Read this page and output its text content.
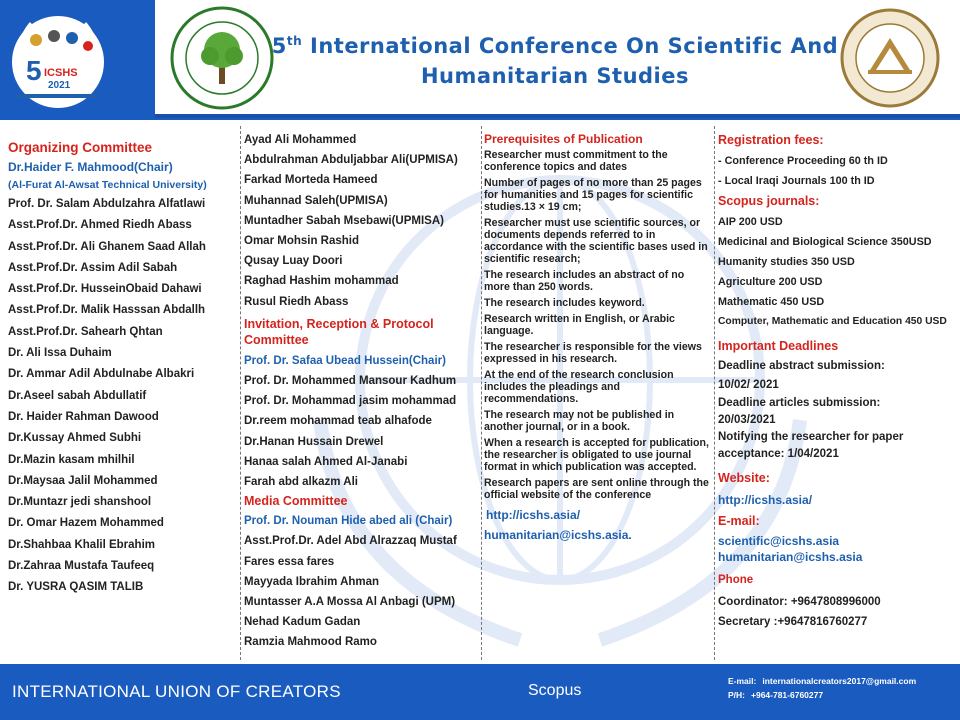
5 ICSHS
2021
5th International Conference On Scientific And
Humanitarian Studies
Organizing Committee
Dr.Haider F. Mahmood(Chair)
(Al-Furat Al-Awsat Technical University)
Prof. Dr. Salam Abdulzahra Alfatlawi
Asst.Prof.Dr. Ahmed Riedh Abass
Asst.Prof.Dr. Ali Ghanem Saad Allah
Asst.Prof.Dr. Assim Adil Sabah
Asst.Prof.Dr. HusseinObaid Dahawi
Asst.Prof.Dr. Malik Hasssan Abdallh
Asst.Prof.Dr. Sahearh Qhtan
Dr. Ali Issa Duhaim
Dr. Ammar Adil Abdulnabe Albakri
Dr.Aseel sabah Abdullatif
Dr. Haider Rahman Dawood
Dr.Kussay Ahmed Subhi
Dr.Mazin kasam mhilhil
Dr.Maysaa Jalil Mohammed
Dr.Muntazr jedi shanshool
Dr. Omar Hazem Mohammed
Dr.Shahbaa Khalil Ebrahim
Dr.Zahraa Mustafa Taufeeq
Dr. YUSRA QASIM TALIB
Ayad Ali Mohammed
Abdulrahman Abduljabbar Ali(UPMISA)
Farkad Morteda Hameed
Muhannad Saleh(UPMISA)
Muntadher Sabah Msebawi(UPMISA)
Omar Mohsin Rashid
Qusay Luay Doori
Raghad Hashim mohammad
Rusul Riedh Abass
Invitation, Reception & Protocol Committee
Prof. Dr. Safaa Ubead Hussein(Chair)
Prof. Dr. Mohammed Mansour Kadhum
Prof. Dr. Mohammad jasim mohammad
Dr.reem mohammad teab alhafode
Dr.Hanan Hussain Drewel
Hanaa salah Ahmed Al-Janabi
Farah abd alkazm Ali
Media Committee
Prof. Dr. Nouman Hide abed ali (Chair)
Asst.Prof.Dr. Adel Abd Alrazzaq Mustaf
Fares essa fares
Mayyada Ibrahim Ahman
Muntasser A.A Mossa Al Anbagi (UPM)
Nehad Kadum Gadan
Ramzia Mahmood Ramo
Prerequisites of Publication
Researcher must commitment to the conference topics and dates
Number of pages of no more than 25 pages for humanities and 15 pages for scientific studies.13 × 19 cm;
Researcher must use scientific sources, or documents depends referred to in accordance with the scientific bases used in scientific research;
The research includes an abstract of no more than 250 words.
The research includes keyword.
Research written in English, or Arabic language.
The researcher is responsible for the views expressed in his research.
At the end of the research conclusion includes the pleadings and recommendations.
The research may not be published in another journal, or in a book.
When a research is accepted for publication, the researcher is obligated to use journal format in which publication was accepted.
Research papers are sent online through the official website of the conference
http://icshs.asia/
humanitarian@icshs.asia.
Registration fees:
- Conference Proceeding 60 th ID
- Local Iraqi Journals 100 th ID
Scopus journals:
AIP 200 USD
Medicinal and Biological Science 350USD
Humanity studies 350 USD
Agriculture 200 USD
Mathematic 450 USD
Computer, Mathematic and Education 450 USD
Important Deadlines
Deadline abstract submission:
10/02/ 2021
Deadline articles submission:
20/03/2021
Notifying the researcher for paper
acceptance: 1/04/2021
Website:
http://icshs.asia/
E-mail:
scientific@icshs.asia
humanitarian@icshs.asia
Phone
Coordinator: +9647808996000
Secretary :+9647816760277
INTERNATIONAL UNION OF CREATORS	Scopus
E-mail: internationalcreators2017@gmail.com
P/H: +964-781-6760277
